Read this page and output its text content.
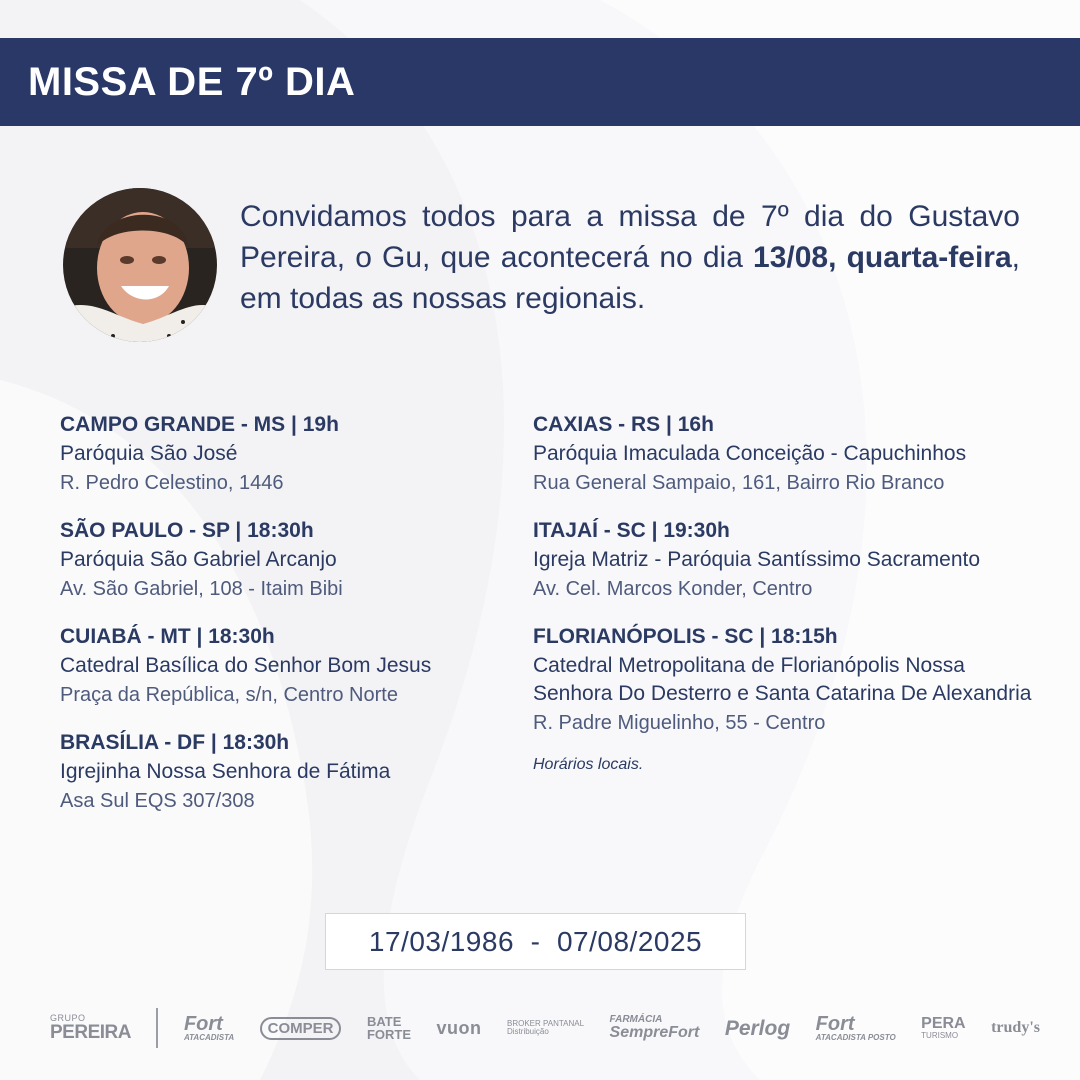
MISSA DE 7º DIA
Convidamos todos para a missa de 7º dia do Gustavo Pereira, o Gu, que acontecerá no dia 13/08, quarta-feira, em todas as nossas regionais.
CAMPO GRANDE - MS | 19h
Paróquia São José
R. Pedro Celestino, 1446
SÃO PAULO - SP | 18:30h
Paróquia São Gabriel Arcanjo
Av. São Gabriel, 108 - Itaim Bibi
CUIABÁ - MT | 18:30h
Catedral Basílica do Senhor Bom Jesus
Praça da República, s/n, Centro Norte
BRASÍLIA - DF | 18:30h
Igrejinha Nossa Senhora de Fátima
Asa Sul EQS 307/308
CAXIAS - RS | 16h
Paróquia Imaculada Conceição - Capuchinhos
Rua General Sampaio, 161, Bairro Rio Branco
ITAJAÍ - SC | 19:30h
Igreja Matriz - Paróquia Santíssimo Sacramento
Av. Cel. Marcos Konder, Centro
FLORIANÓPOLIS - SC | 18:15h
Catedral Metropolitana de Florianópolis Nossa Senhora Do Desterro e Santa Catarina De Alexandria
R. Padre Miguelinho, 55 - Centro
Horários locais.
17/03/1986  -  07/08/2025
GRUPO
PEREIRA	Fort
ATACADISTA
COMPER	BATE
FORTE vuon	BROKER PANTANAL
Distribuição
FARMÁCIA
SempreFort Perlog Fort
ATACADISTA POSTO
PERA
TURISMO	trudy's
